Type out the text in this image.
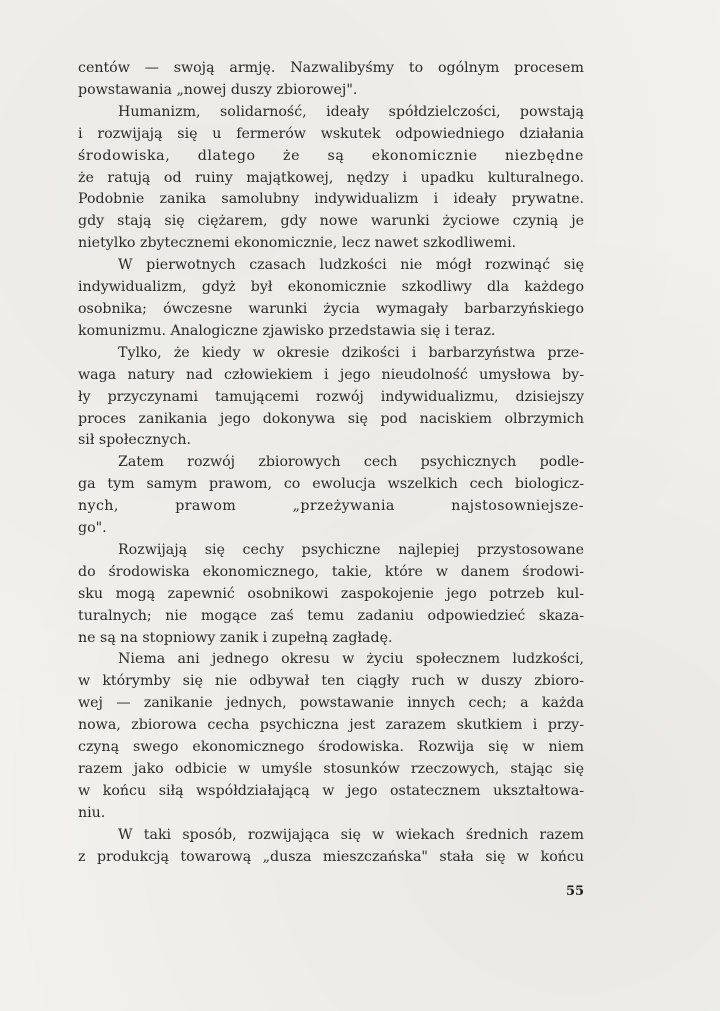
centów — swoją armję. Nazwalibyśmy to ogólnym procesem
powstawania „nowej duszy zbiorowej".

Humanizm, solidarność, ideały spółdzielczości, powstają
i rozwijają się u fermerów wskutek odpowiedniego działania
środowiska, dlatego że są ekonomicznie niezbędne
że ratują od ruiny majątkowej, nędzy i upadku kulturalnego.
Podobnie zanika samolubny indywidualizm i ideały prywatne.
gdy stają się ciężarem, gdy nowe warunki życiowe czynią je
nietylko zbytecznemi ekonomicznie, lecz nawet szkodliwemi.

W pierwotnych czasach ludzkości nie mógł rozwinąć się
indywidualizm, gdyż był ekonomicznie szkodliwy dla każdego
osobnika; ówczesne warunki życia wymagały barbarzyńskiego
komunizmu. Analogiczne zjawisko przedstawia się i teraz.

Tylko, że kiedy w okresie dzikości i barbarzyństwa prze-
waga natury nad człowiekiem i jego nieudolność umysłowa by-
ły przyczynami tamującemi rozwój indywidualizmu, dzisiejszy
proces zanikania jego dokonywa się pod naciskiem olbrzymich
sił społecznych.

Zatem rozwój zbiorowych cech psychicznych podle-
ga tym samym prawom, co ewolucja wszelkich cech biologicz-
nych, prawom „przeżywania najstosowniejsze-
go".

Rozwijają się cechy psychiczne najlepiej przystosowane
do środowiska ekonomicznego, takie, które w danem środowi-
sku mogą zapewnić osobnikowi zaspokojenie jego potrzeb kul-
turalnych; nie mogące zaś temu zadaniu odpowiedzieć skaza-
ne są na stopniowy zanik i zupełną zagładę.

Niema ani jednego okresu w życiu społecznem ludzkości,
w którymby się nie odbywał ten ciągły ruch w duszy zbioro-
wej — zanikanie jednych, powstawanie innych cech; a każda
nowa, zbiorowa cecha psychiczna jest zarazem skutkiem i przy-
czyną swego ekonomicznego środowiska. Rozwija się w niem
razem jako odbicie w umyśle stosunków rzeczowych, stając się
w końcu siłą współdziałającą w jego ostatecznem ukształtowa-
niu.

W taki sposób, rozwijająca się w wiekach średnich razem
z produkcją towarową „dusza mieszczańska" stała się w końcu

55
